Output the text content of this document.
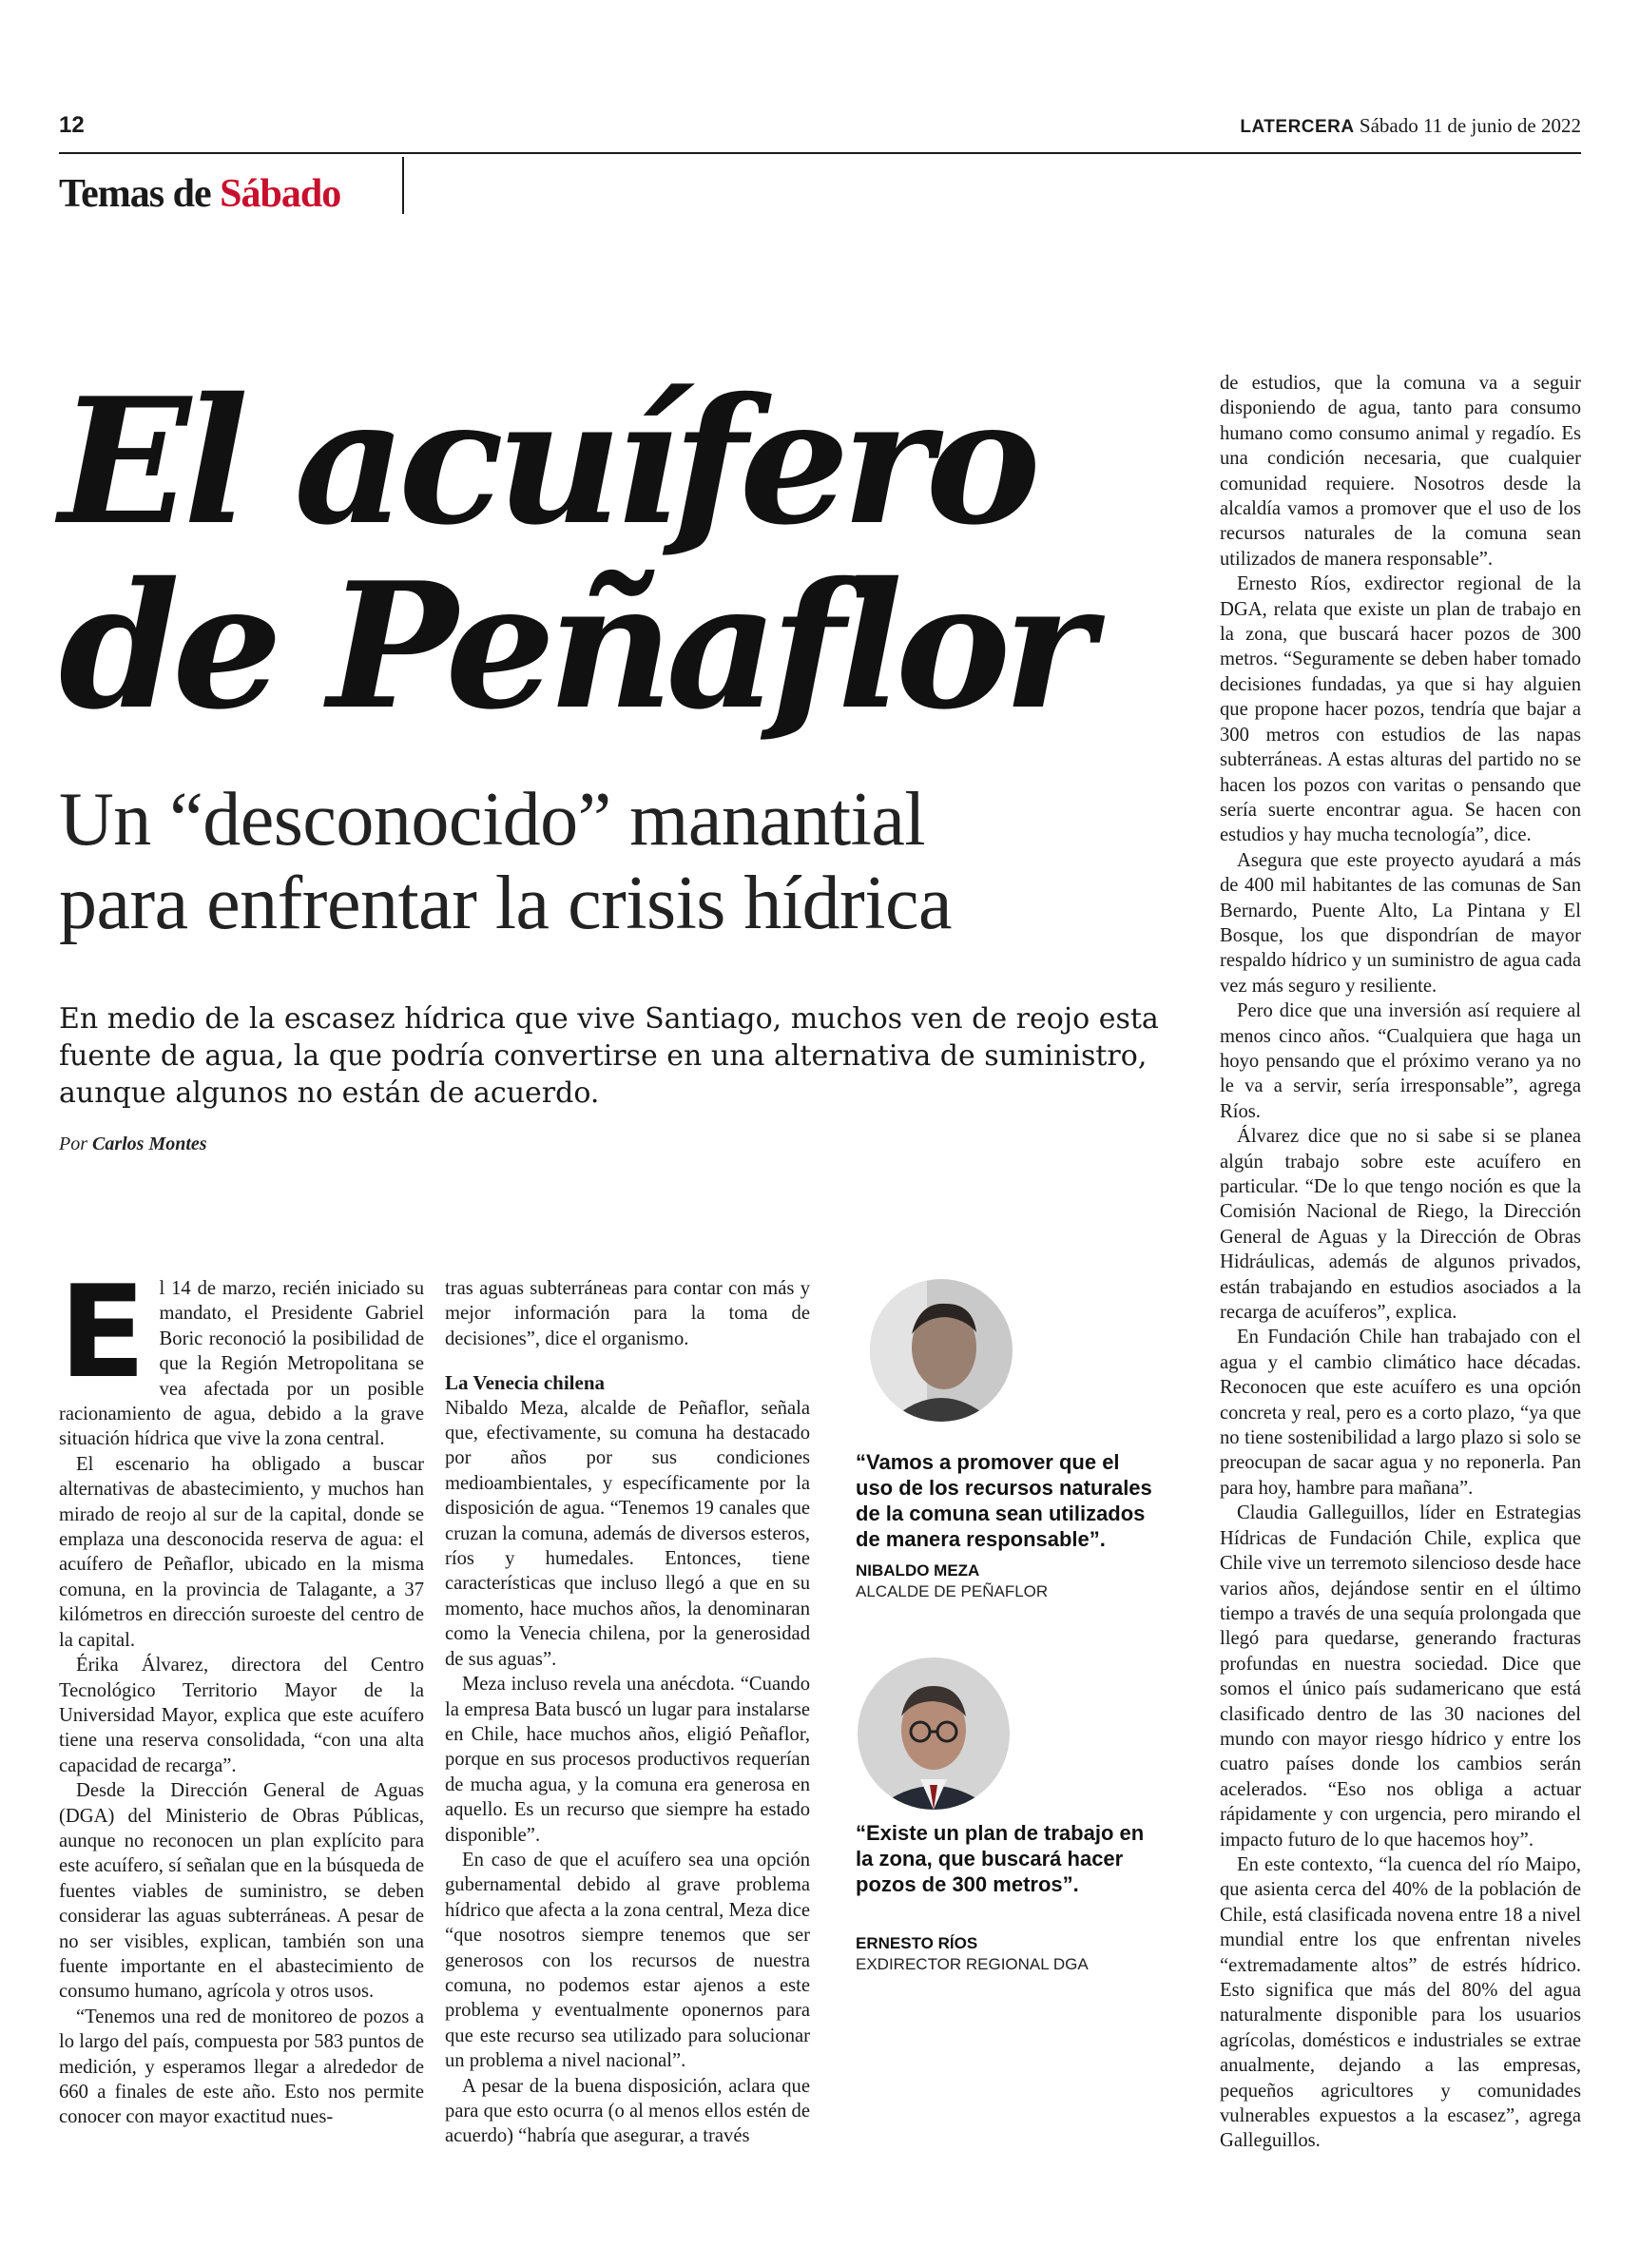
12	LATERCERA Sábado 11 de junio de 2022
Temas de Sábado
El acuífero
de Peñaflor
Un “desconocido” manantial
para enfrentar la crisis hídrica
En medio de la escasez hídrica que vive Santiago, muchos ven de reojo esta fuente de agua, la que podría convertirse en una alternativa de suministro, aunque algunos no están de acuerdo.
Por Carlos Montes

El 14 de marzo, recién iniciado su mandato, el Presidente Gabriel Boric reconoció la posibilidad de que la Región Metropolitana se vea afectada por un posible racionamiento de agua, debido a la grave situación hídrica que vive la zona central.

El escenario ha obligado a buscar alternativas de abastecimiento, y muchos han mirado de reojo al sur de la capital, donde se emplaza una desconocida reserva de agua: el acuífero de Peñaflor, ubicado en la misma comuna, en la provincia de Talagante, a 37 kilómetros en dirección suroeste del centro de la capital.

Érika Álvarez, directora del Centro Tecnológico Territorio Mayor de la Universidad Mayor, explica que este acuífero tiene una reserva consolidada, “con una alta capacidad de recarga”.

Desde la Dirección General de Aguas (DGA) del Ministerio de Obras Públicas, aunque no reconocen un plan explícito para este acuífero, sí señalan que en la búsqueda de fuentes viables de suministro, se deben considerar las aguas subterráneas. A pesar de no ser visibles, explican, también son una fuente importante en el abastecimiento de consumo humano, agrícola y otros usos.

“Tenemos una red de monitoreo de pozos a lo largo del país, compuesta por 583 puntos de medición, y esperamos llegar a alrededor de 660 a finales de este año. Esto nos permite conocer con mayor exactitud nues-

tras aguas subterráneas para contar con más y mejor información para la toma de decisiones”, dice el organismo.

La Venecia chilena

Nibaldo Meza, alcalde de Peñaflor, señala que, efectivamente, su comuna ha destacado por años por sus condiciones medioambientales, y específicamente por la disposición de agua. “Tenemos 19 canales que cruzan la comuna, además de diversos esteros, ríos y humedales. Entonces, tiene características que incluso llegó a que en su momento, hace muchos años, la denominaran como la Venecia chilena, por la generosidad de sus aguas”.

Meza incluso revela una anécdota. “Cuando la empresa Bata buscó un lugar para instalarse en Chile, hace muchos años, eligió Peñaflor, porque en sus procesos productivos requerían de mucha agua, y la comuna era generosa en aquello. Es un recurso que siempre ha estado disponible”.

En caso de que el acuífero sea una opción gubernamental debido al grave problema hídrico que afecta a la zona central, Meza dice “que nosotros siempre tenemos que ser generosos con los recursos de nuestra comuna, no podemos estar ajenos a este problema y eventualmente oponernos para que este recurso sea utilizado para solucionar un problema a nivel nacional”.

A pesar de la buena disposición, aclara que para que esto ocurra (o al menos ellos estén de acuerdo) “habría que asegurar, a través

“Vamos a promover que el uso de los recursos naturales de la comuna sean utilizados de manera responsable”.
NIBALDO MEZA
ALCALDE DE PEÑAFLOR
“Existe un plan de trabajo en la zona, que buscará hacer pozos de 300 metros”.
ERNESTO RÍOS
EXDIRECTOR REGIONAL DGA

de estudios, que la comuna va a seguir disponiendo de agua, tanto para consumo humano como consumo animal y regadío. Es una condición necesaria, que cualquier comunidad requiere. Nosotros desde la alcaldía vamos a promover que el uso de los recursos naturales de la comuna sean utilizados de manera responsable”.

Ernesto Ríos, exdirector regional de la DGA, relata que existe un plan de trabajo en la zona, que buscará hacer pozos de 300 metros. “Seguramente se deben haber tomado decisiones fundadas, ya que si hay alguien que propone hacer pozos, tendría que bajar a 300 metros con estudios de las napas subterráneas. A estas alturas del partido no se hacen los pozos con varitas o pensando que sería suerte encontrar agua. Se hacen con estudios y hay mucha tecnología”, dice.

Asegura que este proyecto ayudará a más de 400 mil habitantes de las comunas de San Bernardo, Puente Alto, La Pintana y El Bosque, los que dispondrían de mayor respaldo hídrico y un suministro de agua cada vez más seguro y resiliente.

Pero dice que una inversión así requiere al menos cinco años. “Cualquiera que haga un hoyo pensando que el próximo verano ya no le va a servir, sería irresponsable”, agrega Ríos.

Álvarez dice que no si sabe si se planea algún trabajo sobre este acuífero en particular. “De lo que tengo noción es que la Comisión Nacional de Riego, la Dirección General de Aguas y la Dirección de Obras Hidráulicas, además de algunos privados, están trabajando en estudios asociados a la recarga de acuíferos”, explica.

En Fundación Chile han trabajado con el agua y el cambio climático hace décadas. Reconocen que este acuífero es una opción concreta y real, pero es a corto plazo, “ya que no tiene sostenibilidad a largo plazo si solo se preocupan de sacar agua y no reponerla. Pan para hoy, hambre para mañana”.

Claudia Galleguillos, líder en Estrategias Hídricas de Fundación Chile, explica que Chile vive un terremoto silencioso desde hace varios años, dejándose sentir en el último tiempo a través de una sequía prolongada que llegó para quedarse, generando fracturas profundas en nuestra sociedad. Dice que somos el único país sudamericano que está clasificado dentro de las 30 naciones del mundo con mayor riesgo hídrico y entre los cuatro países donde los cambios serán acelerados. “Eso nos obliga a actuar rápidamente y con urgencia, pero mirando el impacto futuro de lo que hacemos hoy”.

En este contexto, “la cuenca del río Maipo, que asienta cerca del 40% de la población de Chile, está clasificada novena entre 18 a nivel mundial entre los que enfrentan niveles “extremadamente altos” de estrés hídrico. Esto significa que más del 80% del agua naturalmente disponible para los usuarios agrícolas, domésticos e industriales se extrae anualmente, dejando a las empresas, pequeños agricultores y comunidades vulnerables expuestos a la escasez”, agrega Galleguillos.
